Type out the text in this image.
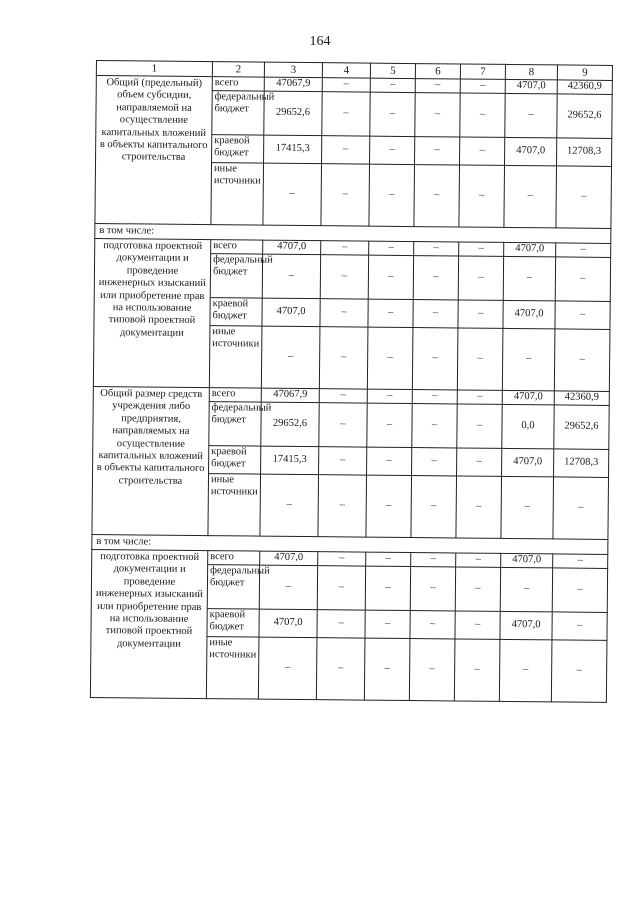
164
1	2	3	4	5	6	7	8	9
Общий (предельный) объем субсидии, направляемой на осуществление капитальных вложений в объекты капитального строительства	всего	47067,9	–	–	–	–	4707,0	42360,9
	федеральный бюджет	29652,6	–	–	–	–	–	29652,6
	краевой бюджет	17415,3	–	–	–	–	4707,0	12708,3
	иные источники	–	–	–	–	–	–	–
в том числе:								
подготовка проектной документации и проведение инженерных изысканий или приобретение прав на использование типовой проектной документации	всего	4707,0	–	–	–	–	4707,0	–
	федеральный бюджет	–	–	–	–	–	–	–
	краевой бюджет	4707,0	–	–	–	–	4707,0	–
	иные источники	–	–	–	–	–	–	–
Общий размер средств учреждения либо предприятия, направляемых на осуществление капитальных вложений в объекты капитального строительства	всего	47067,9	–	–	–	–	4707,0	42360,9
	федеральный бюджет	29652,6	–	–	–	–	0,0	29652,6
	краевой бюджет	17415,3	–	–	–	–	4707,0	12708,3
	иные источники	–	–	–	–	–	–	–
в том числе:								
подготовка проектной документации и проведение инженерных изысканий или приобретение прав на использование типовой проектной документации	всего	4707,0	–	–	–	–	4707,0	–
	федеральный бюджет	–	–	–	–	–	–	–
	краевой бюджет	4707,0	–	–	–	–	4707,0	–
	иные источники	–	–	–	–	–	–	–
